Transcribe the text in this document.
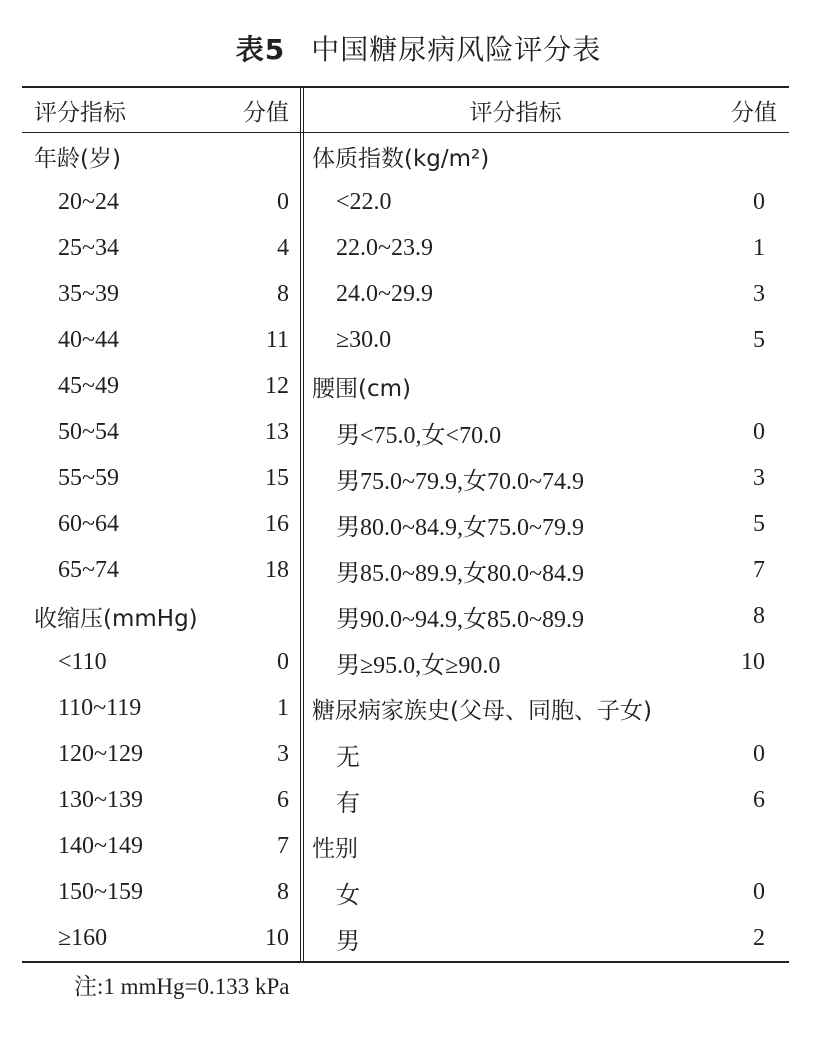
表5 中国糖尿病风险评分表
评分指标	分值	评分指标	分值
年龄(岁)
20~24	0
25~34	4
35~39	8
40~44	11
45~49	12
50~54	13
55~59	15
60~64	16
65~74	18
收缩压(mmHg)
<110	0
110~119	1
120~129	3
130~139	6
140~149	7
150~159	8
≥160	10
体质指数(kg/m²)
<22.0	0
22.0~23.9	1
24.0~29.9	3
≥30.0	5
腰围(cm)
男<75.0,女<70.0	0
男75.0~79.9,女70.0~74.9	3
男80.0~84.9,女75.0~79.9	5
男85.0~89.9,女80.0~84.9	7
男90.0~94.9,女85.0~89.9	8
男≥95.0,女≥90.0	10
糖尿病家族史(父母、同胞、子女)
无	0
有	6
性别
女	0
男	2
注:1 mmHg=0.133 kPa
